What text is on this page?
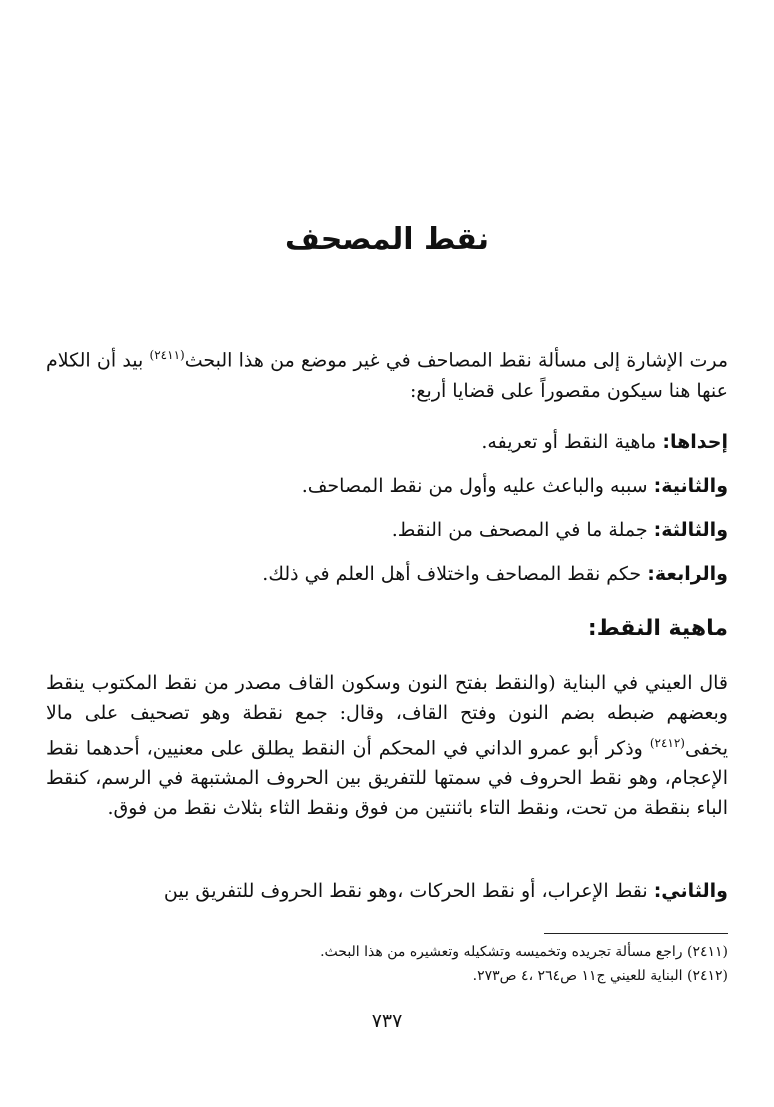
نقط المصحف
مرت الإشارة إلى مسألة نقط المصاحف في غير موضع من هذا البحث$^{(٢٤١١)}$ بيد أن الكلام عنها هنا سيكون مقصوراً على قضايا أربع:
إحداها: ماهية النقط أو تعريفه.
والثانية: سببه والباعث عليه وأول من نقط المصاحف.
والثالثة: جملة ما في المصحف من النقط.
والرابعة: حكم نقط المصاحف واختلاف أهل العلم في ذلك.
ماهية النقط:
قال العيني في البناية (والنقط بفتح النون وسكون القاف مصدر من نقط المكتوب ينقط وبعضهم ضبطه بضم النون وفتح القاف، وقال: جمع نقطة وهو تصحيف على مالا يخفى$^{(٢٤١٢)}$ وذكر أبو عمرو الداني في المحكم أن النقط يطلق على معنيين، أحدهما نقط الإعجام، وهو نقط الحروف في سمتها للتفريق بين الحروف المشتبهة في الرسم، كنقط الباء بنقطة من تحت، ونقط التاء باثنتين من فوق ونقط الثاء بثلاث نقط من فوق.
والثاني: نقط الإعراب، أو نقط الحركات ،وهو نقط الحروف للتفريق بين
(٢٤١١) راجع مسألة تجريده وتخميسه وتشكيله وتعشيره من هذا البحث.
(٢٤١٢) البناية للعيني ج١١ ص٢٦٤ ،٤ ص٢٧٣.
٧٣٧
